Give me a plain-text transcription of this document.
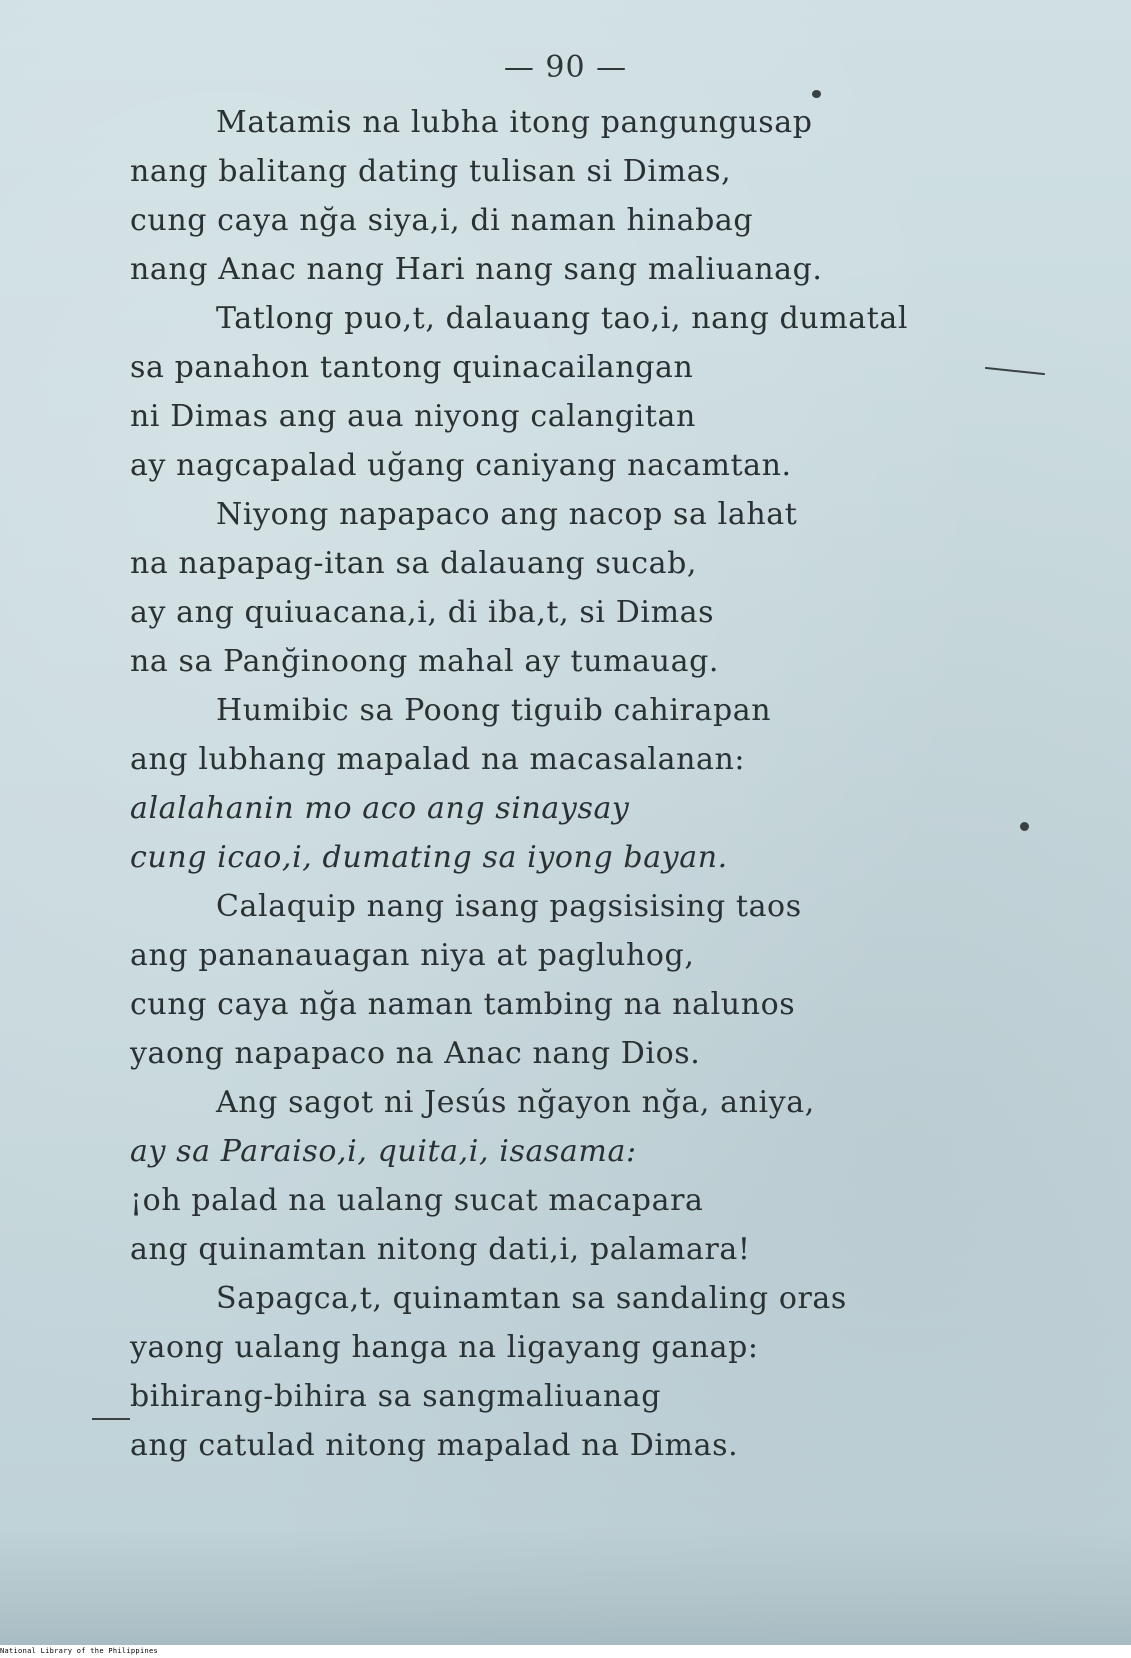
— 90 —
Matamis na lubha itong pangungusap
nang balitang dating tulisan si Dimas,
cung caya nğa siya,i, di naman hinabag
nang Anac nang Hari nang sang maliuanag.
Tatlong puo,t, dalauang tao,i, nang dumatal
sa panahon tantong quinacailangan
ni Dimas ang aua niyong calangitan
ay nagcapalad uğang caniyang nacamtan.
Niyong napapaco ang nacop sa lahat
na napapag-itan sa dalauang sucab,
ay ang quiuacana,i, di iba,t, si Dimas
na sa Panğinoong mahal ay tumauag.
Humibic sa Poong tiguib cahirapan
ang lubhang mapalad na macasalanan:
alalahanin mo aco ang sinaysay
cung icao,i, dumating sa iyong bayan.
Calaquip nang isang pagsisising taos
ang pananauagan niya at pagluhog,
cung caya nğa naman tambing na nalunos
yaong napapaco na Anac nang Dios.
Ang sagot ni Jesús nğayon nğa, aniya,
ay sa Paraiso,i, quita,i, isasama:
¡oh palad na ualang sucat macapara
ang quinamtan nitong dati,i, palamara!
Sapagca,t, quinamtan sa sandaling oras
yaong ualang hanga na ligayang ganap:
bihirang-bihira sa sangmaliuanag
ang catulad nitong mapalad na Dimas.
National Library of the Philippines
